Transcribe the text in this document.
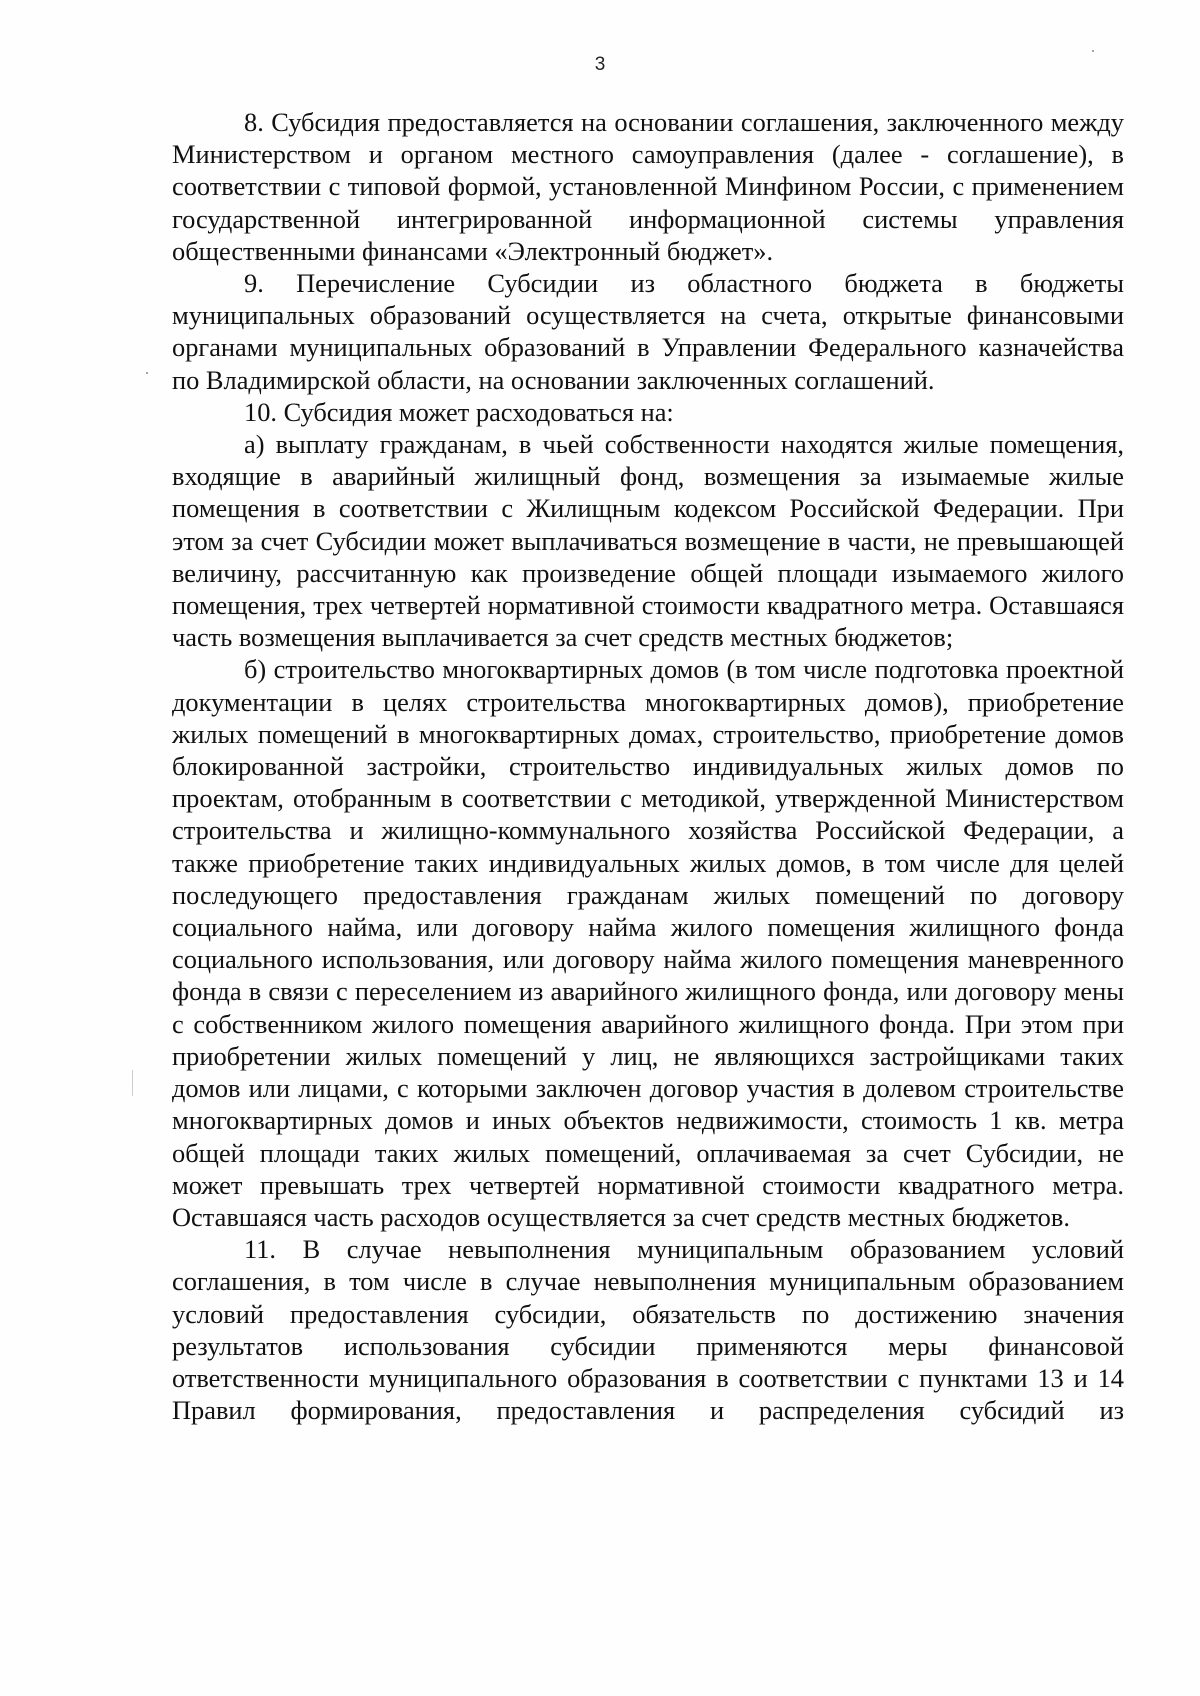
3

8. Субсидия предоставляется на основании соглашения, заключенного между Министерством и органом местного самоуправления (далее - соглашение), в соответствии с типовой формой, установленной Минфином России, с применением государственной интегрированной информационной системы управления общественными финансами «Электронный бюджет».

9. Перечисление Субсидии из областного бюджета в бюджеты муниципальных образований осуществляется на счета, открытые финансовыми органами муниципальных образований в Управлении Федерального казначейства по Владимирской области, на основании заключенных соглашений.

10. Субсидия может расходоваться на:

а) выплату гражданам, в чьей собственности находятся жилые помещения, входящие в аварийный жилищный фонд, возмещения за изымаемые жилые помещения в соответствии с Жилищным кодексом Российской Федерации. При этом за счет Субсидии может выплачиваться возмещение в части, не превышающей величину, рассчитанную как произведение общей площади изымаемого жилого помещения, трех четвертей нормативной стоимости квадратного метра. Оставшаяся часть возмещения выплачивается за счет средств местных бюджетов;

б) строительство многоквартирных домов (в том числе подготовка проектной документации в целях строительства многоквартирных домов), приобретение жилых помещений в многоквартирных домах, строительство, приобретение домов блокированной застройки, строительство индивидуальных жилых домов по проектам, отобранным в соответствии с методикой, утвержденной Министерством строительства и жилищно-коммунального хозяйства Российской Федерации, а также приобретение таких индивидуальных жилых домов, в том числе для целей последующего предоставления гражданам жилых помещений по договору социального найма, или договору найма жилого помещения жилищного фонда социального использования, или договору найма жилого помещения маневренного фонда в связи с переселением из аварийного жилищного фонда, или договору мены с собственником жилого помещения аварийного жилищного фонда. При этом при приобретении жилых помещений у лиц, не являющихся застройщиками таких домов или лицами, с которыми заключен договор участия в долевом строительстве многоквартирных домов и иных объектов недвижимости, стоимость 1 кв. метра общей площади таких жилых помещений, оплачиваемая за счет Субсидии, не может превышать трех четвертей нормативной стоимости квадратного метра. Оставшаяся часть расходов осуществляется за счет средств местных бюджетов.

11. В случае невыполнения муниципальным образованием условий соглашения, в том числе в случае невыполнения муниципальным образованием условий предоставления субсидии, обязательств по достижению значения результатов использования субсидии применяются меры финансовой ответственности муниципального образования в соответствии с пунктами 13 и 14 Правил формирования, предоставления и распределения субсидий из
